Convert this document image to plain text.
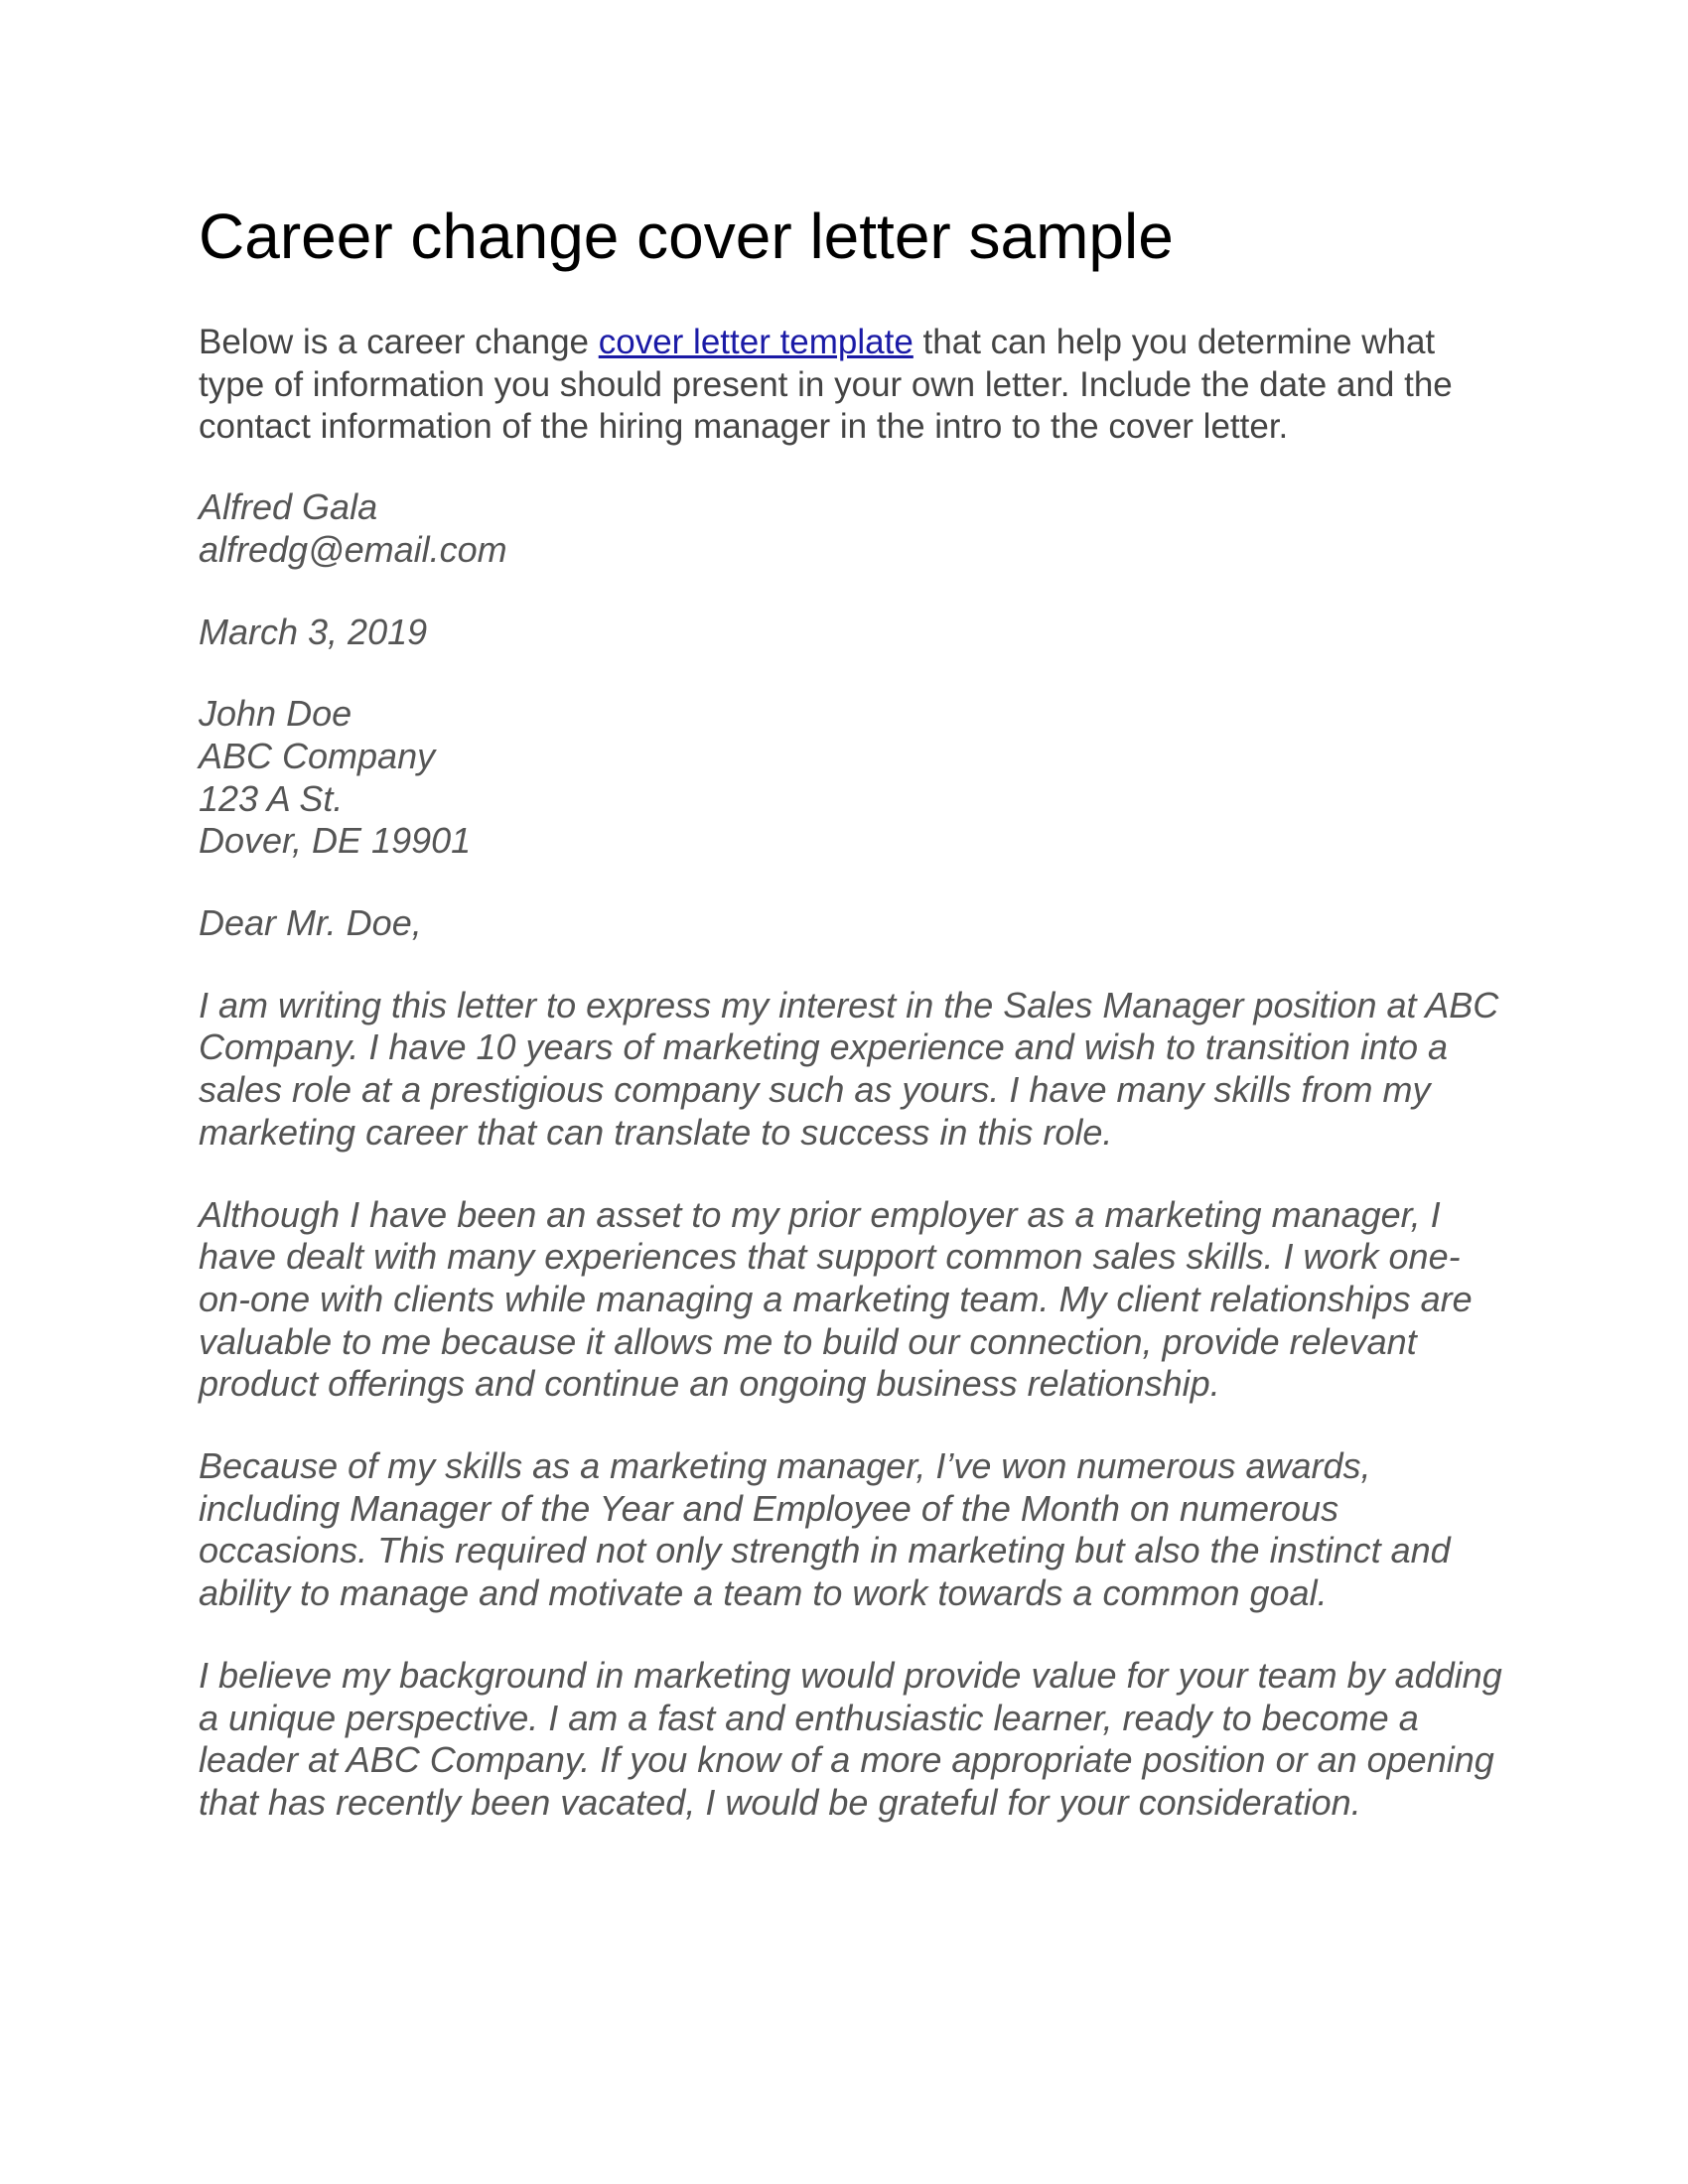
Career change cover letter sample

Below is a career change cover letter template that can help you determine what type of information you should present in your own letter. Include the date and the contact information of the hiring manager in the intro to the cover letter.

Alfred Gala
alfredg@email.com
March 3, 2019
John Doe
ABC Company
123 A St.
Dover, DE 19901
Dear Mr. Doe,

I am writing this letter to express my interest in the Sales Manager position at ABC Company. I have 10 years of marketing experience and wish to transition into a sales role at a prestigious company such as yours. I have many skills from my marketing career that can translate to success in this role.

Although I have been an asset to my prior employer as a marketing manager, I have dealt with many experiences that support common sales skills. I work one-on-one with clients while managing a marketing team. My client relationships are valuable to me because it allows me to build our connection, provide relevant product offerings and continue an ongoing business relationship.

Because of my skills as a marketing manager, I’ve won numerous awards, including Manager of the Year and Employee of the Month on numerous occasions. This required not only strength in marketing but also the instinct and ability to manage and motivate a team to work towards a common goal.

I believe my background in marketing would provide value for your team by adding a unique perspective. I am a fast and enthusiastic learner, ready to become a leader at ABC Company. If you know of a more appropriate position or an opening that has recently been vacated, I would be grateful for your consideration.
